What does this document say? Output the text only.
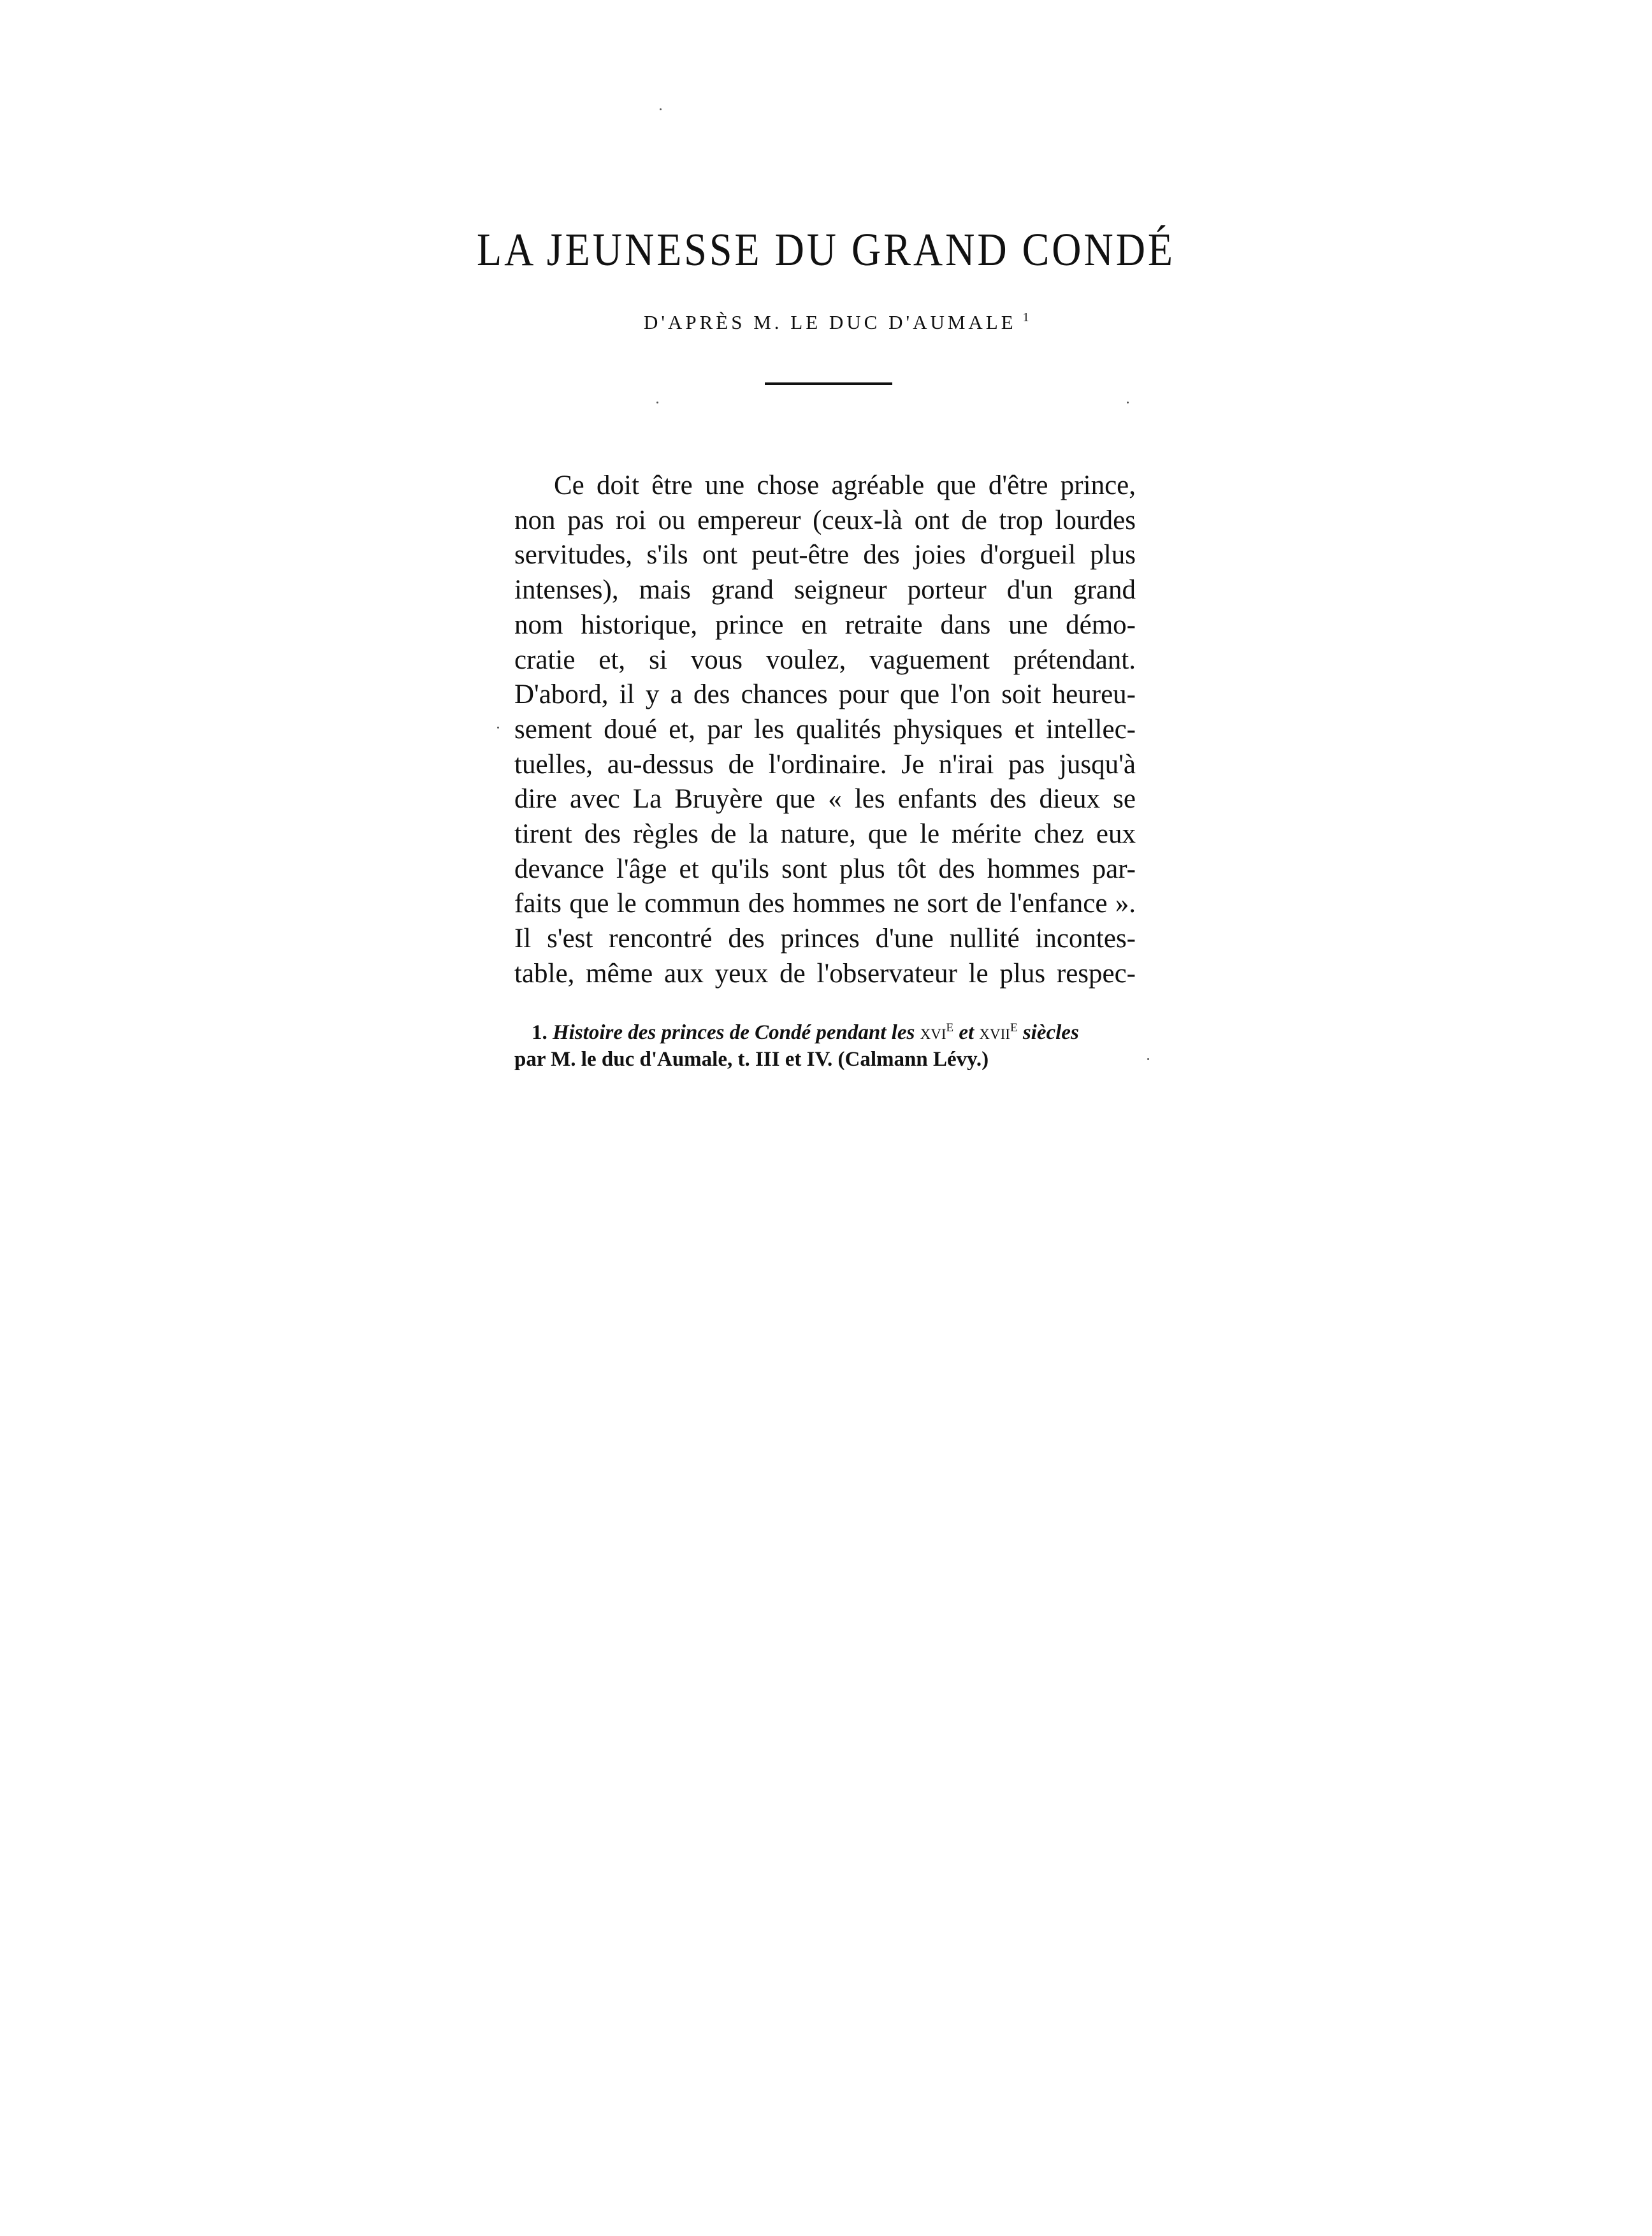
LA JEUNESSE DU GRAND CONDÉ
D'APRÈS M. LE DUC D'AUMALE $^1$
Ce doit être une chose agréable que d'être prince,
non pas roi ou empereur (ceux-là ont de trop lourdes
servitudes, s'ils ont peut-être des joies d'orgueil plus
intenses), mais grand seigneur porteur d'un grand
nom historique, prince en retraite dans une démo-
cratie et, si vous voulez, vaguement prétendant.
D'abord, il y a des chances pour que l'on soit heureu-
sement doué et, par les qualités physiques et intellec-
tuelles, au-dessus de l'ordinaire. Je n'irai pas jusqu'à
dire avec La Bruyère que « les enfants des dieux se
tirent des règles de la nature, que le mérite chez eux
devance l'âge et qu'ils sont plus tôt des hommes par-
faits que le commun des hommes ne sort de l'enfance ».
Il s'est rencontré des princes d'une nullité incontes-
table, même aux yeux de l'observateur le plus respec-
1. Histoire des princes de Condé pendant les xvi$^e$ et xvii$^e$ siècles
par M. le duc d'Aumale, t. III et IV. (Calmann Lévy.)
